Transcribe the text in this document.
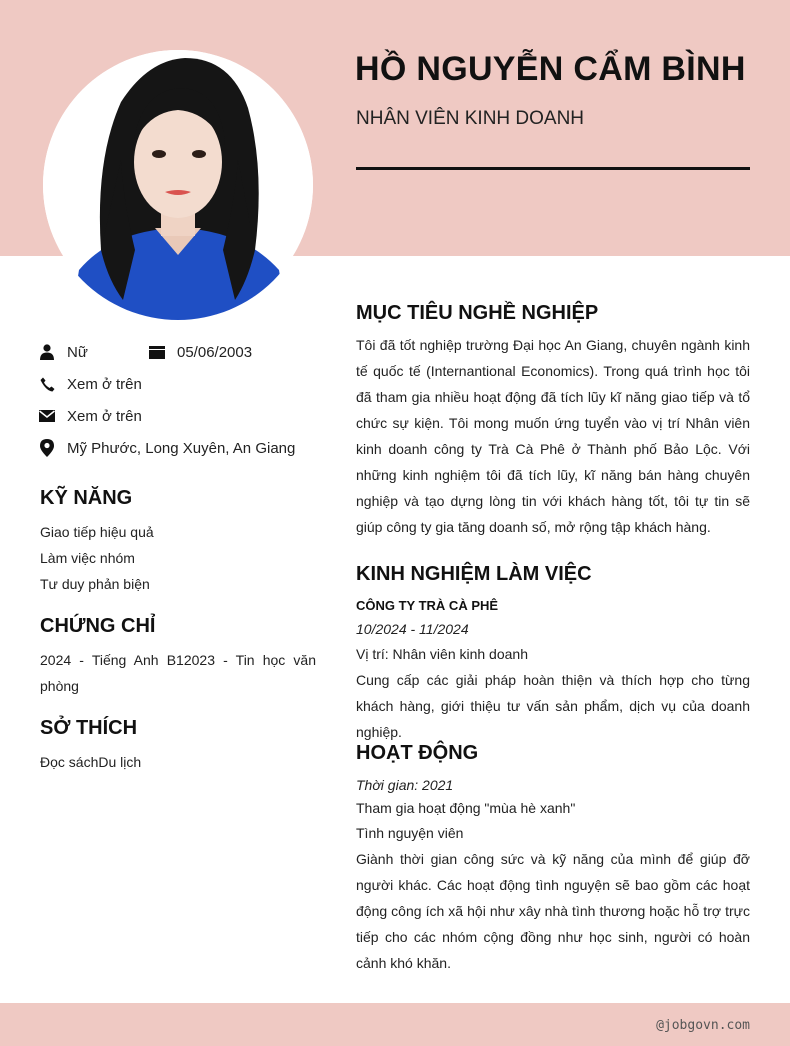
HỒ NGUYỄN CẨM BÌNH
NHÂN VIÊN KINH DOANH
Nữ	05/06/2003
Xem ở trên
Xem ở trên
Mỹ Phước, Long Xuyên, An Giang
KỸ NĂNG
Giao tiếp hiệu quả
Làm việc nhóm
Tư duy phản biện
CHỨNG CHỈ
2024 - Tiếng Anh B12023 - Tin học văn phòng
SỞ THÍCH
Đọc sáchDu lịch
MỤC TIÊU NGHỀ NGHIỆP
Tôi đã tốt nghiệp trường Đại học An Giang, chuyên ngành kinh tế quốc tế (Internantional Economics). Trong quá trình học tôi đã tham gia nhiều hoạt động đã tích lũy kĩ năng giao tiếp và tổ chức sự kiện. Tôi mong muốn ứng tuyển vào vị trí Nhân viên kinh doanh công ty Trà Cà Phê ở Thành phố Bảo Lộc. Với những kinh nghiệm tôi đã tích lũy, kĩ năng bán hàng chuyên nghiệp và tạo dựng lòng tin với khách hàng tốt, tôi tự tin sẽ giúp công ty gia tăng doanh số, mở rộng tập khách hàng.
KINH NGHIỆM LÀM VIỆC
CÔNG TY TRÀ CÀ PHÊ
10/2024 - 11/2024
Vị trí: Nhân viên kinh doanh
Cung cấp các giải pháp hoàn thiện và thích hợp cho từng khách hàng, giới thiệu tư vấn sản phẩm, dịch vụ của doanh nghiệp.
HOẠT ĐỘNG
Thời gian: 2021
Tham gia hoạt động "mùa hè xanh"
Tình nguyện viên
Giành thời gian công sức và kỹ năng của mình để giúp đỡ người khác. Các hoạt động tình nguyện sẽ bao gồm các hoạt động công ích xã hội như xây nhà tình thương hoặc hỗ trợ trực tiếp cho các nhóm cộng đồng như học sinh, người có hoàn cảnh khó khăn.
@jobgovn.com
